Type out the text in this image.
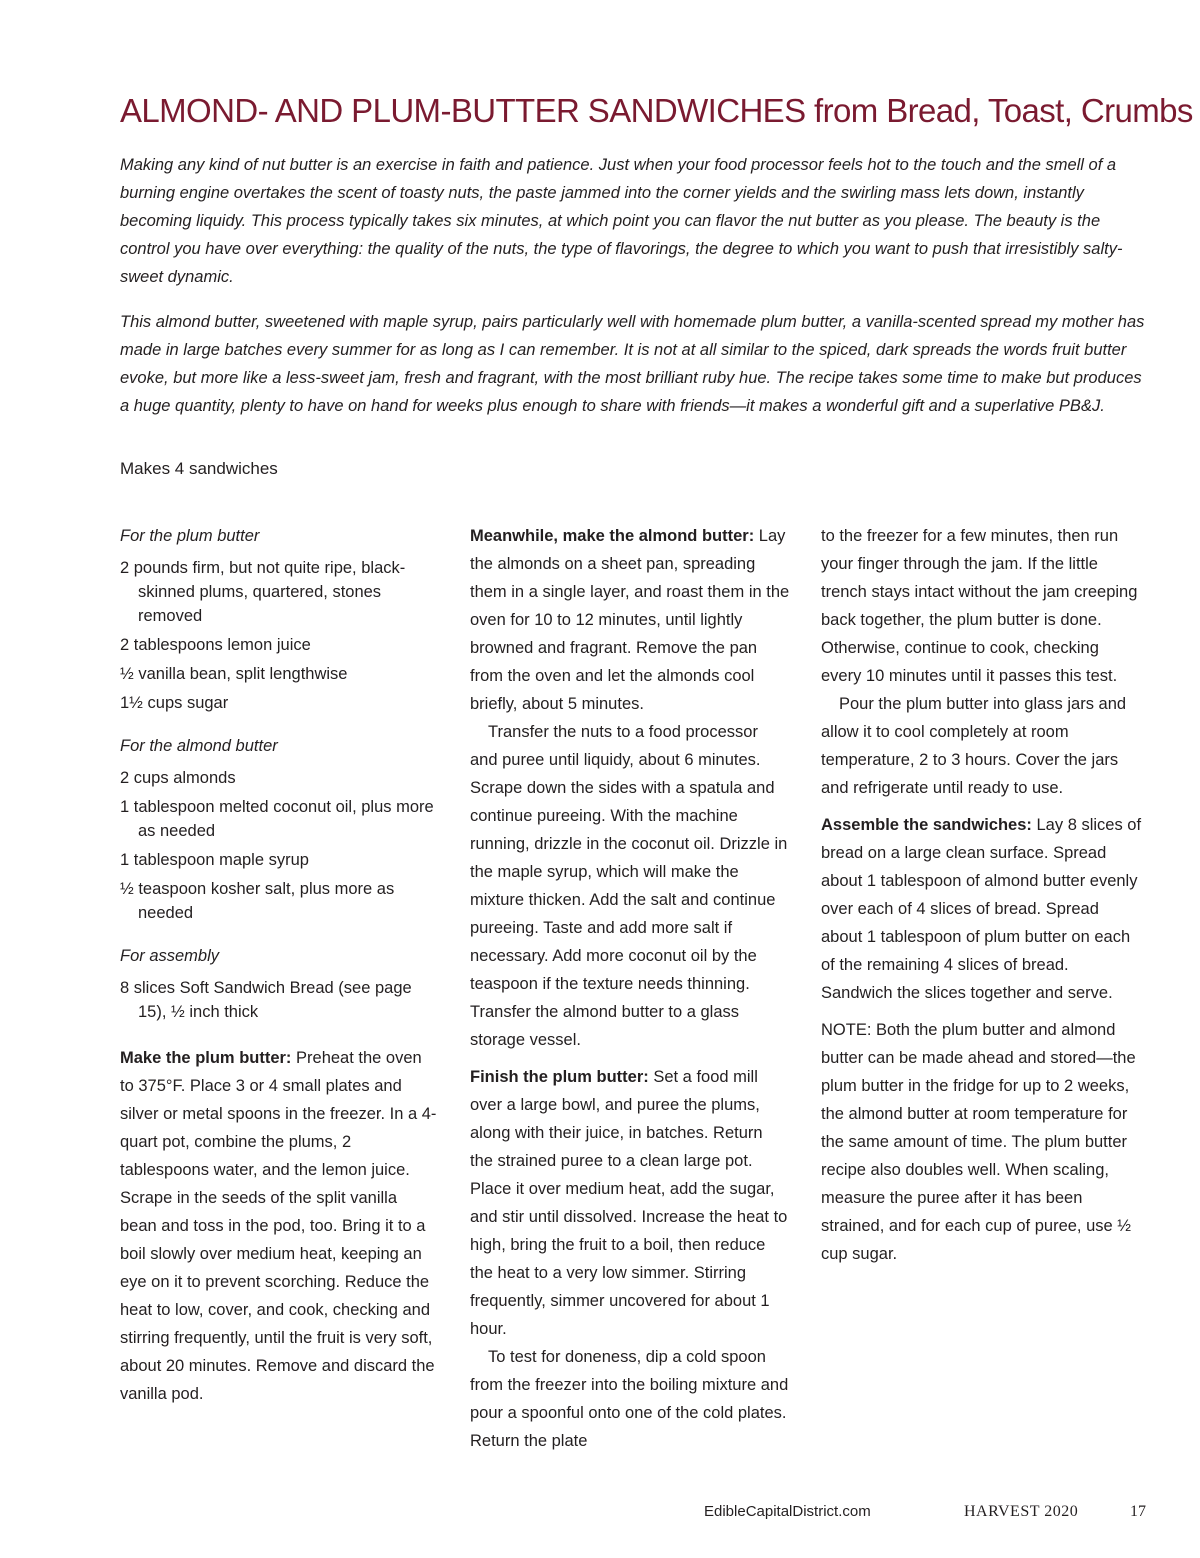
ALMOND- AND PLUM-BUTTER SANDWICHES from Bread, Toast, Crumbs

Making any kind of nut butter is an exercise in faith and patience. Just when your food processor feels hot to the touch and the smell of a burning engine overtakes the scent of toasty nuts, the paste jammed into the corner yields and the swirling mass lets down, instantly becoming liquidy. This process typically takes six minutes, at which point you can flavor the nut butter as you please. The beauty is the control you have over everything: the quality of the nuts, the type of flavorings, the degree to which you want to push that irresistibly salty-sweet dynamic.

This almond butter, sweetened with maple syrup, pairs particularly well with homemade plum butter, a vanilla-scented spread my mother has made in large batches every summer for as long as I can remember. It is not at all similar to the spiced, dark spreads the words fruit butter evoke, but more like a less-sweet jam, fresh and fragrant, with the most brilliant ruby hue. The recipe takes some time to make but produces a huge quantity, plenty to have on hand for weeks plus enough to share with friends—it makes a wonderful gift and a superlative PB&J.

Makes 4 sandwiches

For the plum butter

2 pounds firm, but not quite ripe, black-skinned plums, quartered, stones removed

2 tablespoons lemon juice

½ vanilla bean, split lengthwise

1½ cups sugar

For the almond butter

2 cups almonds

1 tablespoon melted coconut oil, plus more as needed

1 tablespoon maple syrup

½ teaspoon kosher salt, plus more as needed

For assembly

8 slices Soft Sandwich Bread (see page 15), ½ inch thick

Make the plum butter: Preheat the oven to 375°F. Place 3 or 4 small plates and silver or metal spoons in the freezer. In a 4-quart pot, combine the plums, 2 tablespoons water, and the lemon juice. Scrape in the seeds of the split vanilla bean and toss in the pod, too. Bring it to a boil slowly over medium heat, keeping an eye on it to prevent scorching. Reduce the heat to low, cover, and cook, checking and stirring frequently, until the fruit is very soft, about 20 minutes. Remove and discard the vanilla pod.

Meanwhile, make the almond butter: Lay the almonds on a sheet pan, spreading them in a single layer, and roast them in the oven for 10 to 12 minutes, until lightly browned and fragrant. Remove the pan from the oven and let the almonds cool briefly, about 5 minutes.

Transfer the nuts to a food processor and puree until liquidy, about 6 minutes. Scrape down the sides with a spatula and continue pureeing. With the machine running, drizzle in the coconut oil. Drizzle in the maple syrup, which will make the mixture thicken. Add the salt and continue pureeing. Taste and add more salt if necessary. Add more coconut oil by the teaspoon if the texture needs thinning. Transfer the almond butter to a glass storage vessel.

Finish the plum butter: Set a food mill over a large bowl, and puree the plums, along with their juice, in batches. Return the strained puree to a clean large pot. Place it over medium heat, add the sugar, and stir until dissolved. Increase the heat to high, bring the fruit to a boil, then reduce the heat to a very low simmer. Stirring frequently, simmer uncovered for about 1 hour.

To test for doneness, dip a cold spoon from the freezer into the boiling mixture and pour a spoonful onto one of the cold plates. Return the plate

to the freezer for a few minutes, then run your finger through the jam. If the little trench stays intact without the jam creeping back together, the plum butter is done. Otherwise, continue to cook, checking every 10 minutes until it passes this test.

Pour the plum butter into glass jars and allow it to cool completely at room temperature, 2 to 3 hours. Cover the jars and refrigerate until ready to use.

Assemble the sandwiches: Lay 8 slices of bread on a large clean surface. Spread about 1 tablespoon of almond butter evenly over each of 4 slices of bread. Spread about 1 tablespoon of plum butter on each of the remaining 4 slices of bread. Sandwich the slices together and serve.

NOTE: Both the plum butter and almond butter can be made ahead and stored—the plum butter in the fridge for up to 2 weeks, the almond butter at room temperature for the same amount of time. The plum butter recipe also doubles well. When scaling, measure the puree after it has been strained, and for each cup of puree, use ½ cup sugar.

EdibleCapitalDistrict.com	HARVEST 2020	17
